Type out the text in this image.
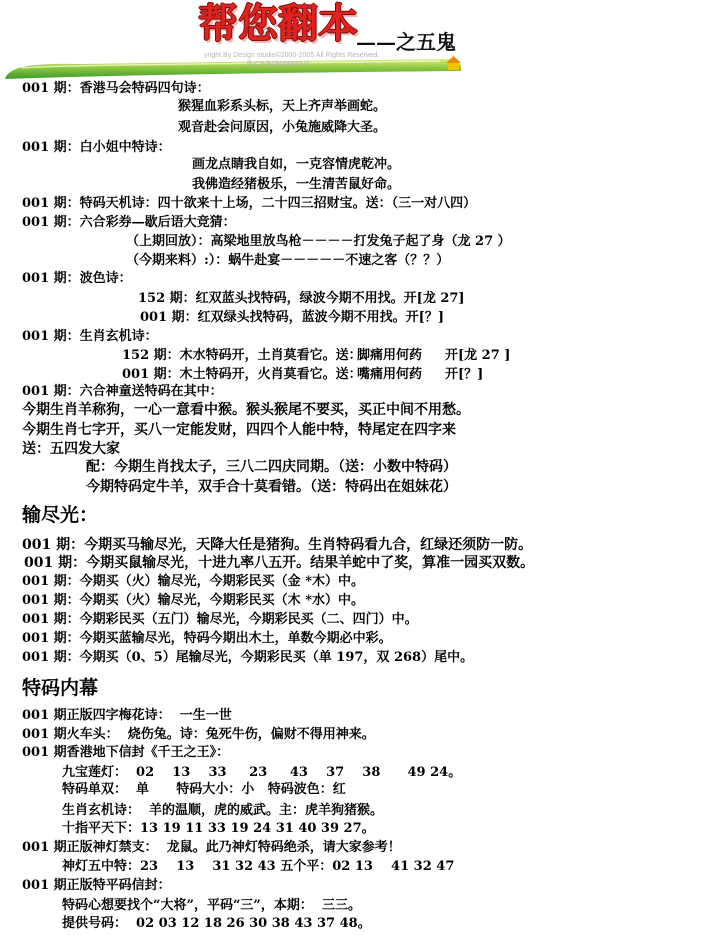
yright By Design studio©2000-2005 All Rights Reserved.
粤ICP备05006668号
帮您翻本
——之五鬼
001 期：香港马会特码四句诗：
猴猩血彩系头标，天上齐声举画蛇。
观音赴会问原因，小兔施威降大圣。
001 期：白小姐中特诗：
画龙点睛我自如，一克容情虎乾冲。
我佛造经猪极乐，一生清苦鼠好命。
001 期：特码天机诗：四十欲来十上场，二十四三招财宝。送：（三一对八四）
001 期：六合彩券—歇后语大竞猜：
（上期回放）：高梁地里放鸟枪－－－－打发兔子起了身（龙 27 ）
（今期来料）:）：蜗牛赴宴－－－－－不速之客（？？）
001 期：波色诗：
152 期：红双蓝头找特码，绿波今期不用找。开[龙 27]
001 期：红双绿头找特码，蓝波今期不用找。开[？]
001 期：生肖玄机诗：
152 期：木水特码开，土肖莫看它。送：
脚痛用何药 开[龙 27 ]
001 期：木土特码开，火肖莫看它。送：
嘴痛用何药 开[？]
001 期：六合神童送特码在其中：
今期生肖羊称狗，一心一意看中猴。猴头猴尾不要买，买正中间不用愁。
今期生肖七字开，买八一定能发财，四四个人能中特，特尾定在四字来
送：五四发大家
配：今期生肖找太子，三八二四庆同期。（送：小数中特码）
今期特码定牛羊，双手合十莫看错。（送：特码出在姐妹花）
输尽光：
001 期：今期买马输尽光，天降大任是猪狗。生肖特码看九合，红绿还须防一防。
001 期：今期买鼠输尽光，十进九率八五开。结果羊蛇中了奖，算准一园买双数。
001 期：今期买（火）输尽光，今期彩民买（金 *木）中。
001 期：今期买（火）输尽光，今期彩民买（木 *水）中。
001 期：今期彩民买（五门）输尽光，今期彩民买（二、四门）中。
001 期：今期买蓝输尽光，特码今期出木土，单数今期必中彩。
001 期：今期买（0、5）尾输尽光，今期彩民买（单 197，双 268）尾中。
特码内幕
001 期正版四字梅花诗：  一生一世
001 期火车头：  烧伤兔。诗：兔死牛伤，偏财不得用神来。
001 期香港地下信封《千王之王》：
九宝莲灯：  02    13    33     23     43    37    38      49 24。
特码单双：  单      特码大小：小   特码波色：红
生肖玄机诗：  羊的温顺，虎的威武。主：虎羊狗猪猴。
十指平天下：13 19 11 33 19 24 31 40 39 27。
001 期正版神灯禁支：  龙鼠。此乃神灯特码绝杀，请大家参考！
神灯五中特：23    13    31 32 43 五个平：02 13    41 32 47
001 期正版特平码信封：
特码心想要找个“大将”，平码“三”，本期：  三三。
提供号码：  02 03 12 18 26 30 38 43 37 48。
